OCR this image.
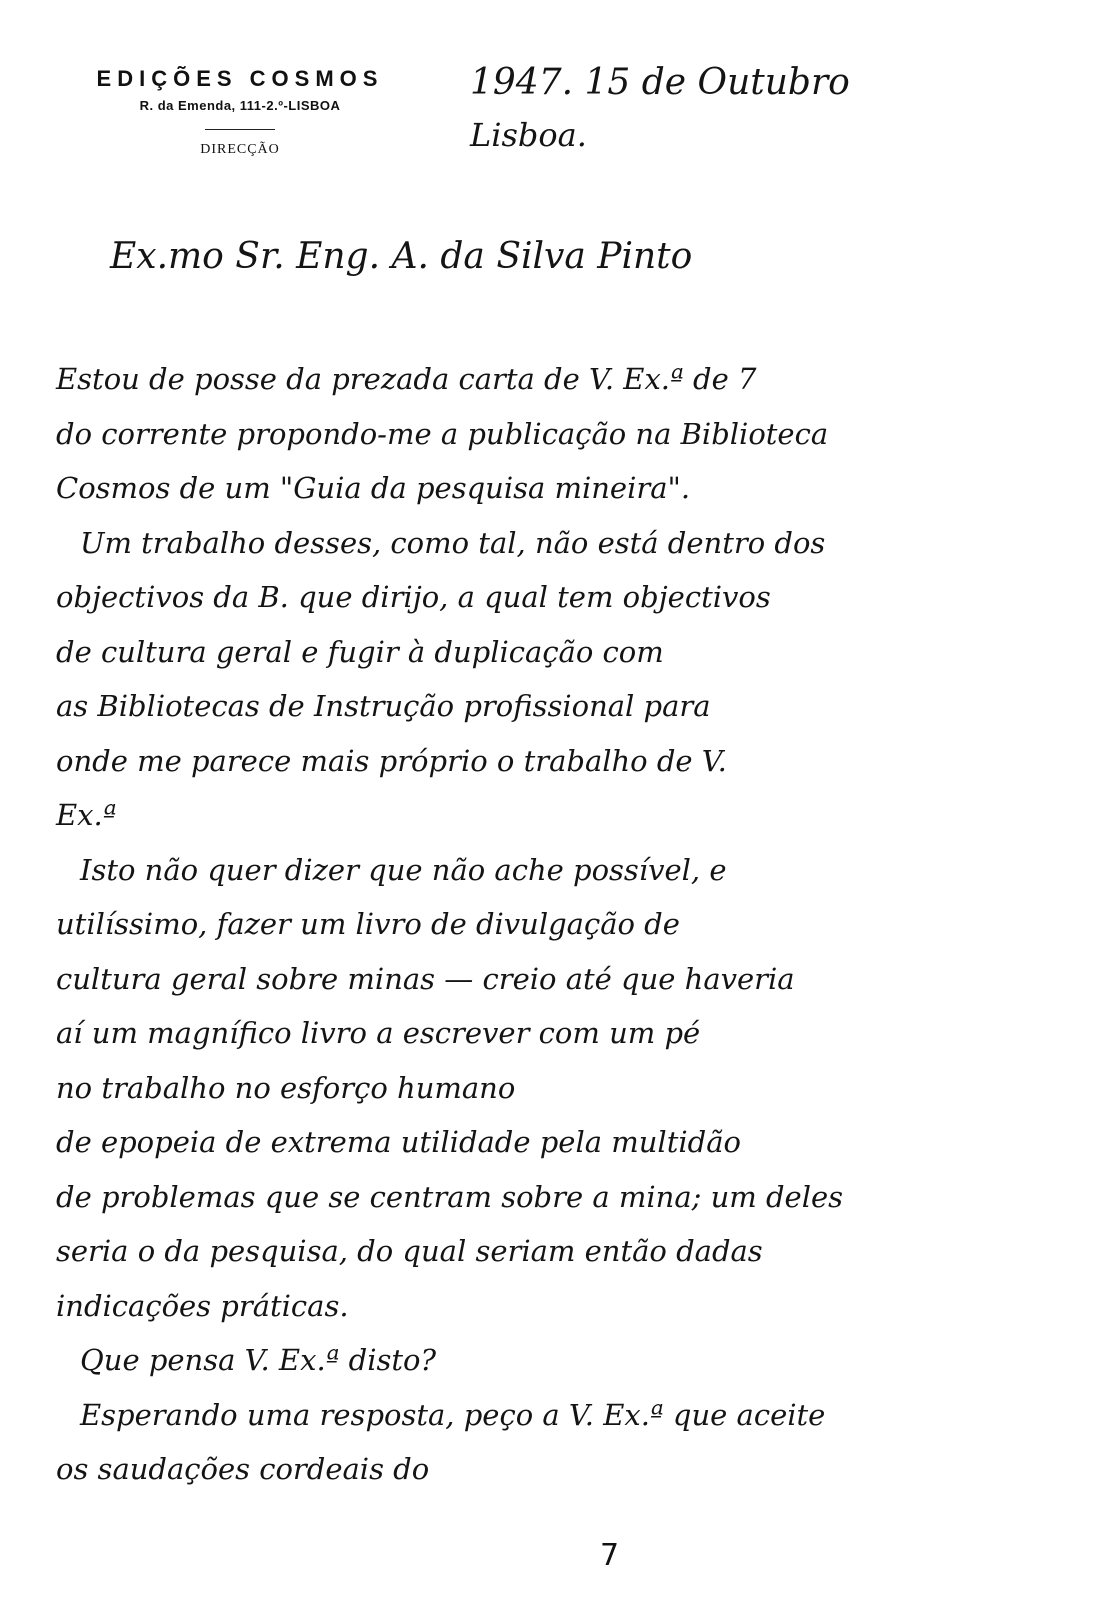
EDIÇÕES COSMOS
R. da Emenda, 111-2.º-LISBOA
DIRECÇÃO
1947. 15 de Outubro
Lisboa.
Ex.mo Sr. Eng. A. da Silva Pinto
Estou de posse da prezada carta de V. Ex.ª de 7
do corrente propondo-me a publicação na Biblioteca
Cosmos de um "Guia da pesquisa mineira".
Um trabalho desses, como tal, não está dentro dos
objectivos da B. que dirijo, a qual tem objectivos
de cultura geral e fugir à duplicação com
as Bibliotecas de Instrução profissional para
onde me parece mais próprio o trabalho de V.
Ex.ª
Isto não quer dizer que não ache possível, e
utilíssimo, fazer um livro de divulgação de
cultura geral sobre minas — creio até que haveria
aí um magnífico livro a escrever com um pé
no trabalho no esforço humano
de epopeia de extrema utilidade pela multidão
de problemas que se centram sobre a mina; um deles
seria o da pesquisa, do qual seriam então dadas
indicações práticas.
Que pensa V. Ex.ª disto?
Esperando uma resposta, peço a V. Ex.ª que aceite
os saudações cordeais do
7
